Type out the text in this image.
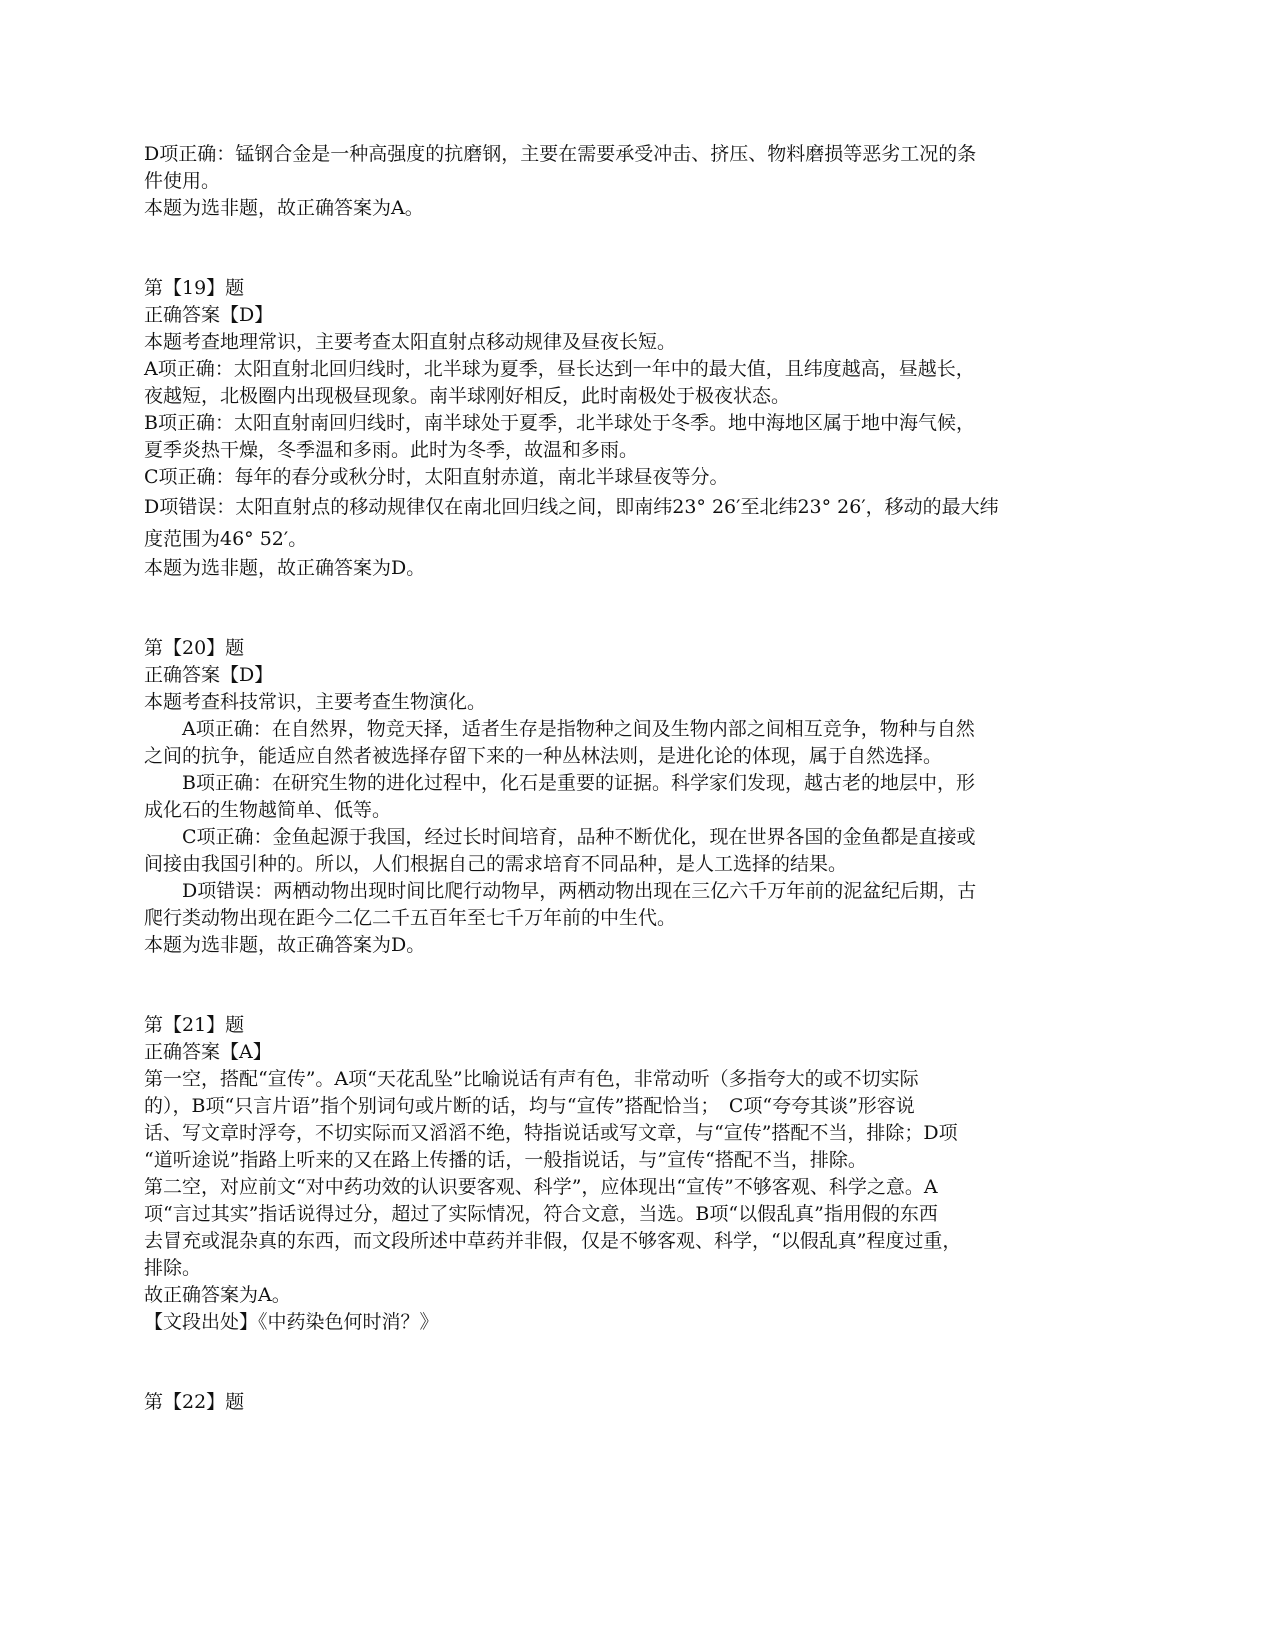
D项正确：锰钢合金是一种高强度的抗磨钢，主要在需要承受冲击、挤压、物料磨损等恶劣工况的条
件使用。
本题为选非题，故正确答案为A。
第【19】题
正确答案【D】
本题考查地理常识，主要考查太阳直射点移动规律及昼夜长短。
A项正确：太阳直射北回归线时，北半球为夏季，昼长达到一年中的最大值，且纬度越高，昼越长，
夜越短，北极圈内出现极昼现象。南半球刚好相反，此时南极处于极夜状态。
B项正确：太阳直射南回归线时，南半球处于夏季，北半球处于冬季。地中海地区属于地中海气候，
夏季炎热干燥，冬季温和多雨。此时为冬季，故温和多雨。
C项正确：每年的春分或秋分时，太阳直射赤道，南北半球昼夜等分。
D项错误：太阳直射点的移动规律仅在南北回归线之间，即南纬23° 26′至北纬23° 26′，移动的最大纬
度范围为46° 52′。
本题为选非题，故正确答案为D。
第【20】题
正确答案【D】
本题考查科技常识，主要考查生物演化。
A项正确：在自然界，物竞天择，适者生存是指物种之间及生物内部之间相互竞争，物种与自然
之间的抗争，能适应自然者被选择存留下来的一种丛林法则，是进化论的体现，属于自然选择。
B项正确：在研究生物的进化过程中，化石是重要的证据。科学家们发现，越古老的地层中，形
成化石的生物越简单、低等。
C项正确：金鱼起源于我国，经过长时间培育，品种不断优化，现在世界各国的金鱼都是直接或
间接由我国引种的。所以，人们根据自己的需求培育不同品种，是人工选择的结果。
D项错误：两栖动物出现时间比爬行动物早，两栖动物出现在三亿六千万年前的泥盆纪后期，古
爬行类动物出现在距今二亿二千五百年至七千万年前的中生代。
本题为选非题，故正确答案为D。
第【21】题
正确答案【A】
第一空，搭配“宣传”。A项“天花乱坠”比喻说话有声有色，非常动听（多指夸大的或不切实际
的），B项“只言片语”指个别词句或片断的话，均与“宣传”搭配恰当；　C项“夸夸其谈”形容说
话、写文章时浮夸，不切实际而又滔滔不绝，特指说话或写文章，与“宣传”搭配不当，排除；D项
“道听途说”指路上听来的又在路上传播的话，一般指说话，与”宣传“搭配不当，排除。
第二空，对应前文“对中药功效的认识要客观、科学”，应体现出“宣传”不够客观、科学之意。A
项“言过其实”指话说得过分，超过了实际情况，符合文意，当选。B项“以假乱真”指用假的东西
去冒充或混杂真的东西，而文段所述中草药并非假，仅是不够客观、科学，“以假乱真”程度过重，
排除。
故正确答案为A。
【文段出处】《中药染色何时消？》
第【22】题
